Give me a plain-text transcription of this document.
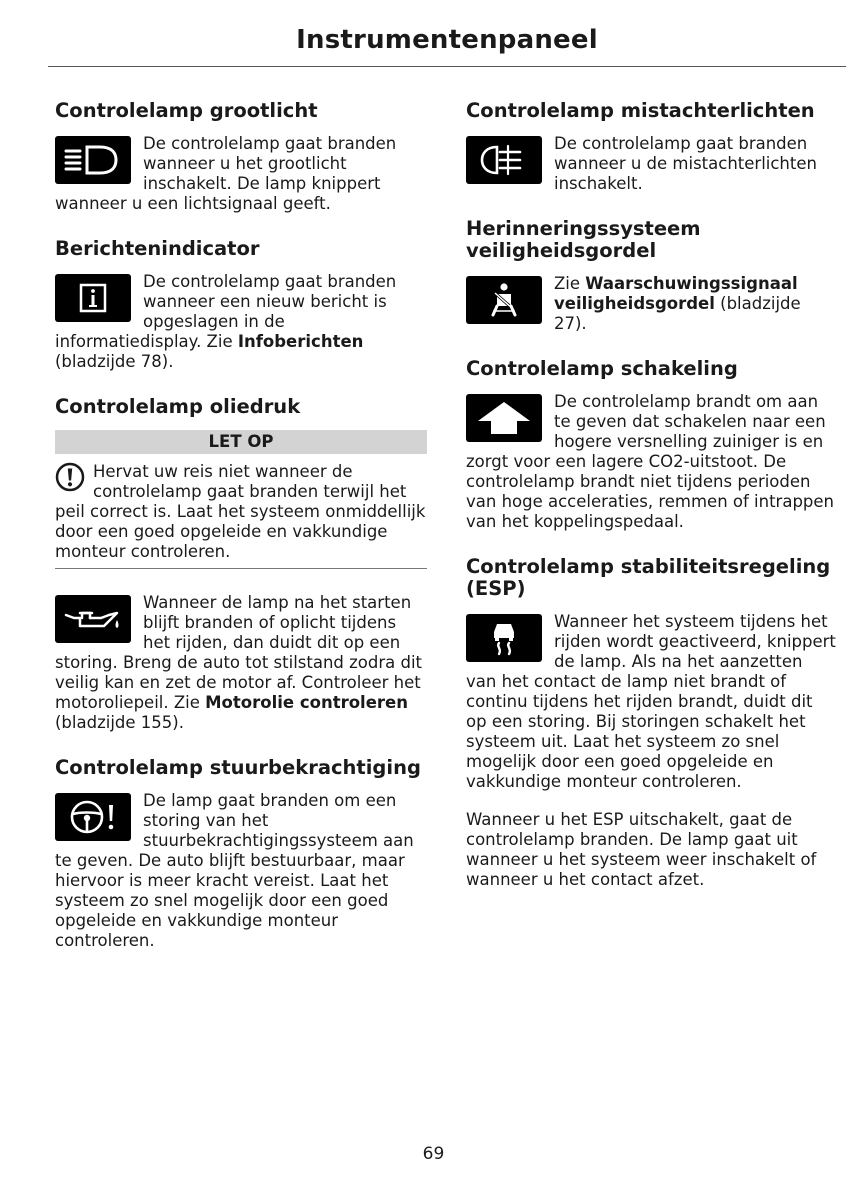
Instrumentenpaneel
Controlelamp grootlicht

De controlelamp gaat branden wanneer u het grootlicht inschakelt. De lamp knippert wanneer u een lichtsignaal geeft.

Berichtenindicator

De controlelamp gaat branden wanneer een nieuw bericht is opgeslagen in de informatiedisplay. Zie Infoberichten (bladzijde 78).

Controlelamp oliedruk
LET OP

Hervat uw reis niet wanneer de controlelamp gaat branden terwijl het peil correct is. Laat het systeem onmiddellijk door een goed opgeleide en vakkundige monteur controleren.

Wanneer de lamp na het starten blijft branden of oplicht tijdens het rijden, dan duidt dit op een storing. Breng de auto tot stilstand zodra dit veilig kan en zet de motor af. Controleer het motoroliepeil. Zie Motorolie controleren (bladzijde 155).

Controlelamp stuurbekrachtiging

De lamp gaat branden om een storing van het stuurbekrachtigingssysteem aan te geven. De auto blijft bestuurbaar, maar hiervoor is meer kracht vereist. Laat het systeem zo snel mogelijk door een goed opgeleide en vakkundige monteur controleren.

Controlelamp mistachterlichten

De controlelamp gaat branden wanneer u de mistachterlichten inschakelt.

Herinneringssysteem veiligheidsgordel

Zie Waarschuwingssignaal veiligheidsgordel (bladzijde 27).

Controlelamp schakeling

De controlelamp brandt om aan te geven dat schakelen naar een hogere versnelling zuiniger is en zorgt voor een lagere CO2-uitstoot. De controlelamp brandt niet tijdens perioden van hoge acceleraties, remmen of intrappen van het koppelingspedaal.

Controlelamp stabiliteitsregeling (ESP)

Wanneer het systeem tijdens het rijden wordt geactiveerd, knippert de lamp. Als na het aanzetten van het contact de lamp niet brandt of continu tijdens het rijden brandt, duidt dit op een storing. Bij storingen schakelt het systeem uit. Laat het systeem zo snel mogelijk door een goed opgeleide en vakkundige monteur controleren.

Wanneer u het ESP uitschakelt, gaat de controlelamp branden. De lamp gaat uit wanneer u het systeem weer inschakelt of wanneer u het contact afzet.

69
